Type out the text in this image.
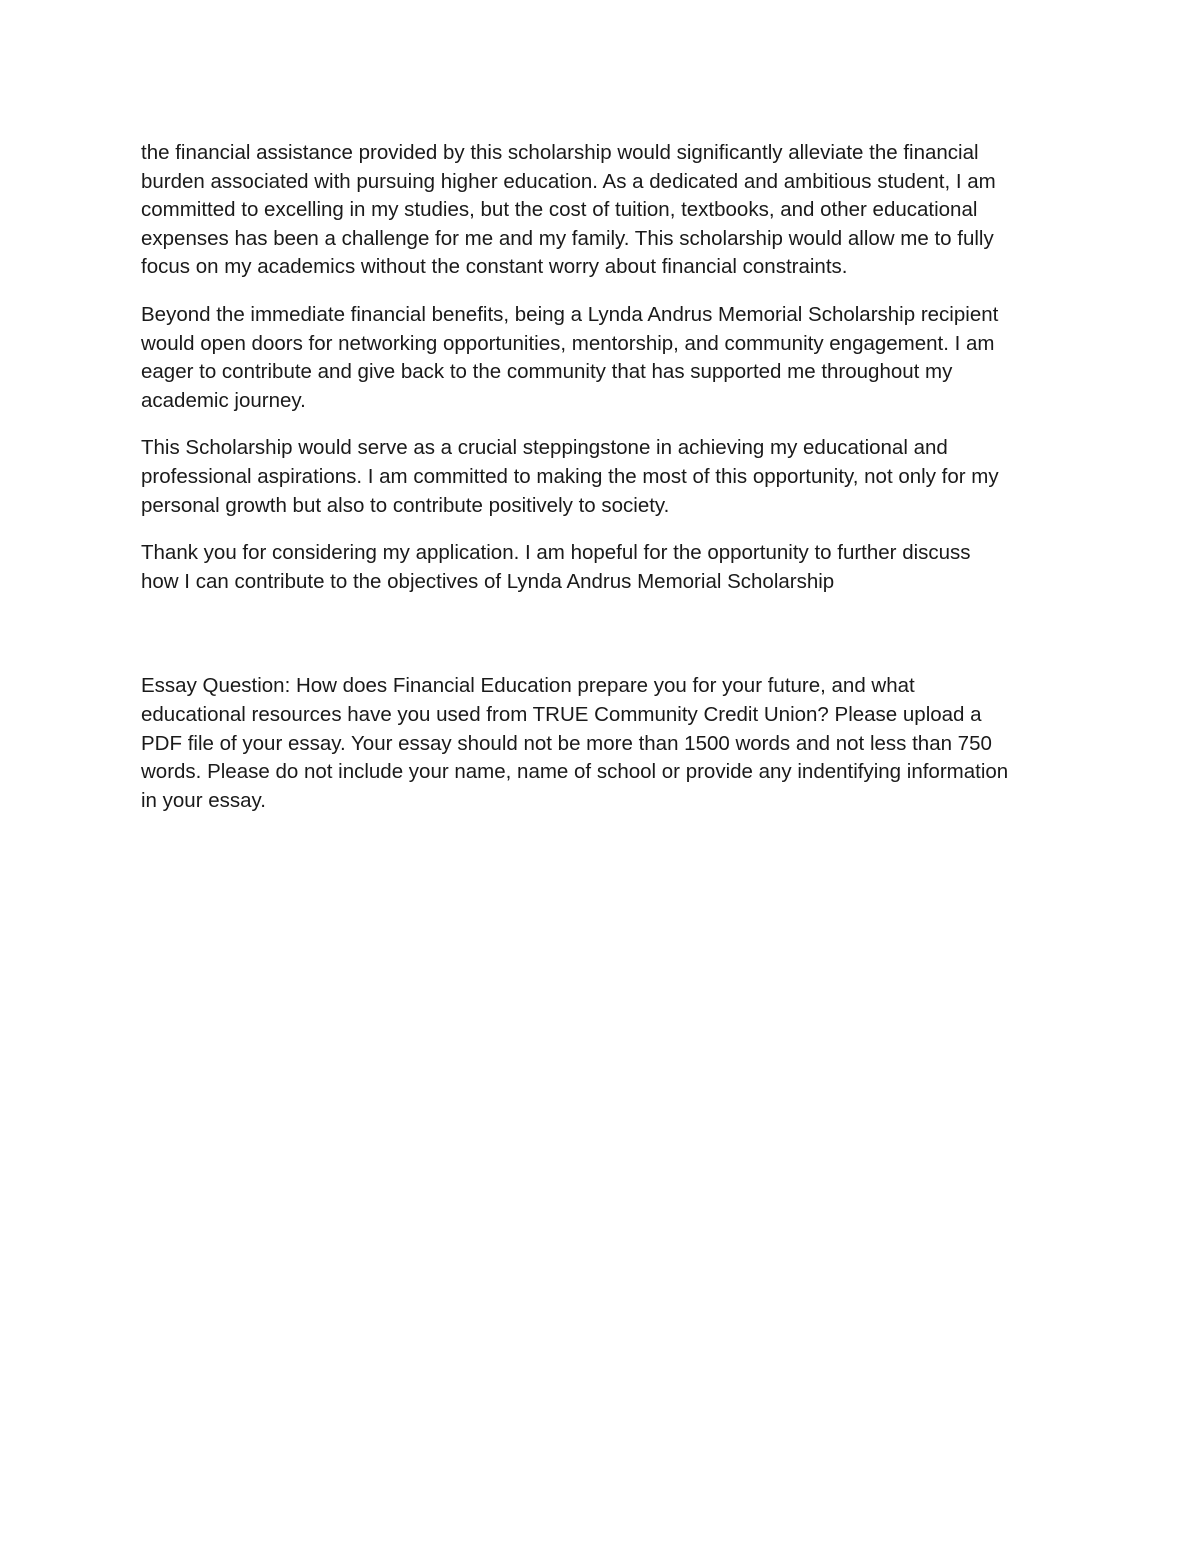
the financial assistance provided by this scholarship would significantly alleviate the financial
burden associated with pursuing higher education. As a dedicated and ambitious student, I am
committed to excelling in my studies, but the cost of tuition, textbooks, and other educational
expenses has been a challenge for me and my family. This scholarship would allow me to fully
focus on my academics without the constant worry about financial constraints.

Beyond the immediate financial benefits, being a Lynda Andrus Memorial Scholarship recipient
would open doors for networking opportunities, mentorship, and community engagement. I am
eager to contribute and give back to the community that has supported me throughout my
academic journey.

This Scholarship would serve as a crucial steppingstone in achieving my educational and
professional aspirations. I am committed to making the most of this opportunity, not only for my
personal growth but also to contribute positively to society.

Thank you for considering my application. I am hopeful for the opportunity to further discuss
how I can contribute to the objectives of Lynda Andrus Memorial Scholarship

Essay Question: How does Financial Education prepare you for your future, and what
educational resources have you used from TRUE Community Credit Union? Please upload a
PDF file of your essay. Your essay should not be more than 1500 words and not less than 750
words. Please do not include your name, name of school or provide any indentifying information
in your essay.
